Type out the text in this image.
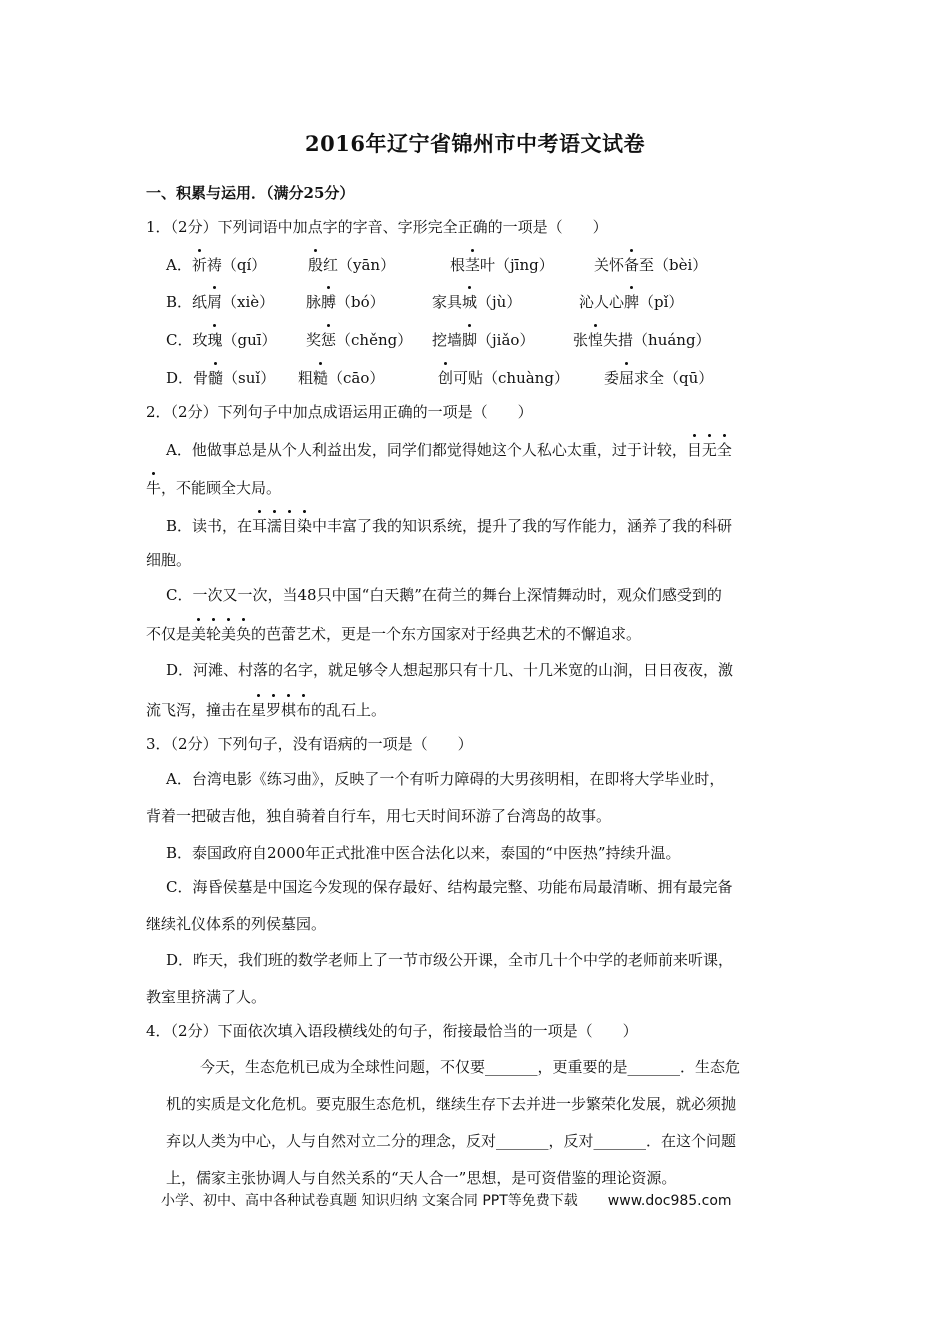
2016年辽宁省锦州市中考语文试卷
一、积累与运用．（满分25分）
1．（2分）下列词语中加点字的字音、字形完全正确的一项是（　　）
A．祈祷（qí）	殷红（yān）	根茎叶（jīng）	关怀备至（bèi）
B．纸屑（xiè） 脉膊（bó）	家具城（jù）	沁人心脾（pǐ）
C．玫瑰（guī） 奖惩（chěng） 挖墙脚（jiǎo）	张惶失措（huáng）
D．骨髓（suǐ） 粗糙（cāo）	创可贴（chuàng） 委屈求全（qū）
2．（2分）下列句子中加点成语运用正确的一项是（　　）
A．他做事总是从个人利益出发，同学们都觉得她这个人私心太重，过于计较，目无全
牛，不能顾全大局。
B．读书，在耳濡目染中丰富了我的知识系统，提升了我的写作能力，涵养了我的科研
细胞。
C．一次又一次，当48只中国“白天鹅”在荷兰的舞台上深情舞动时，观众们感受到的
不仅是美轮美奂的芭蕾艺术，更是一个东方国家对于经典艺术的不懈追求。
D．河滩、村落的名字，就足够令人想起那只有十几、十几米宽的山涧，日日夜夜，激
流飞泻，撞击在星罗棋布的乱石上。
3．（2分）下列句子，没有语病的一项是（　　）
A．台湾电影《练习曲》，反映了一个有听力障碍的大男孩明相，在即将大学毕业时，
背着一把破吉他，独自骑着自行车，用七天时间环游了台湾岛的故事。
B．泰国政府自2000年正式批准中医合法化以来，泰国的“中医热”持续升温。
C．海昏侯墓是中国迄今发现的保存最好、结构最完整、功能布局最清晰、拥有最完备
继续礼仪体系的列侯墓园。
D．昨天，我们班的数学老师上了一节市级公开课，全市几十个中学的老师前来听课，
教室里挤满了人。
4．（2分）下面依次填入语段横线处的句子，衔接最恰当的一项是（　　）
今天，生态危机已成为全球性问题，不仅要_______，更重要的是_______．生态危
机的实质是文化危机。要克服生态危机，继续生存下去并进一步繁荣化发展，就必须抛
弃以人类为中心，人与自然对立二分的理念，反对_______，反对_______．在这个问题
上，儒家主张协调人与自然关系的“天人合一”思想，是可资借鉴的理论资源。
小学、初中、高中各种试卷真题 知识归纳 文案合同 PPT等免费下载 www.doc985.com
